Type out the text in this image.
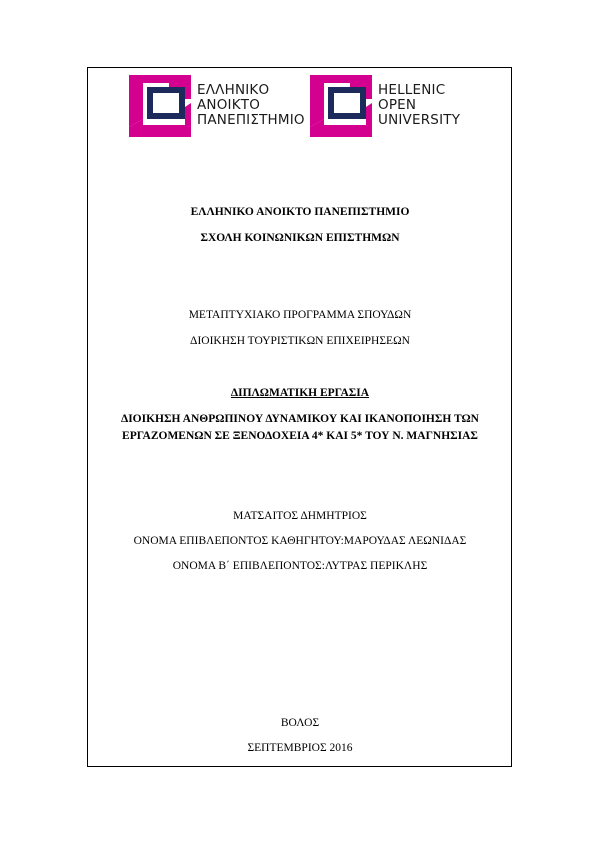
ΕΛΛΗΝΙΚΟ
ΑΝΟΙΚΤΟ
ΠΑΝΕΠΙΣΤΗΜΙΟ
HELLENIC
OPEN
UNIVERSITY
ΕΛΛΗΝΙΚΟ ΑΝΟΙΚΤΟ ΠΑΝΕΠΙΣΤΗΜΙΟ
ΣΧΟΛΗ ΚΟΙΝΩΝΙΚΩΝ ΕΠΙΣΤΗΜΩΝ
ΜΕΤΑΠΤΥΧΙΑΚΟ ΠΡΟΓΡΑΜΜΑ ΣΠΟΥΔΩΝ
ΔΙΟΙΚΗΣΗ ΤΟΥΡΙΣΤΙΚΩΝ ΕΠΙΧΕΙΡΗΣΕΩΝ
ΔΙΠΛΩΜΑΤΙΚΗ ΕΡΓΑΣΙΑ
ΔΙΟΙΚΗΣΗ ΑΝΘΡΩΠΙΝΟΥ ΔΥΝΑΜΙΚΟΥ ΚΑΙ ΙΚΑΝΟΠΟΙΗΣΗ ΤΩΝ
ΕΡΓΑΖΟΜΕΝΩΝ ΣΕ ΞΕΝΟΔΟΧΕΙΑ 4* ΚΑΙ 5* ΤΟΥ Ν. ΜΑΓΝΗΣΙΑΣ
ΜΑΤΣΑΙΤΟΣ ΔΗΜΗΤΡΙΟΣ
ΟΝΟΜΑ ΕΠΙΒΛΕΠΟΝΤΟΣ ΚΑΘΗΓΗΤΟΥ:ΜΑΡΟΥΔΑΣ ΛΕΩΝΙΔΑΣ
ΟΝΟΜΑ Β΄ ΕΠΙΒΛΕΠΟΝΤΟΣ:ΛΥΤΡΑΣ ΠΕΡΙΚΛΗΣ
ΒΟΛΟΣ
ΣΕΠΤΕΜΒΡΙΟΣ 2016
